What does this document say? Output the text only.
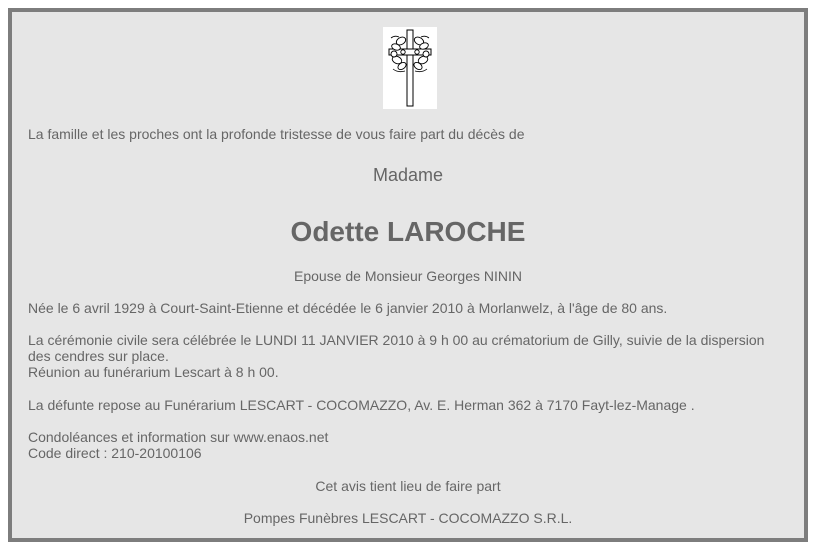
La famille et les proches ont la profonde tristesse de vous faire part du décès de

Madame

Odette LAROCHE

Epouse de Monsieur Georges NININ

Née le 6 avril 1929 à Court-Saint-Etienne et décédée le 6 janvier 2010 à Morlanwelz, à l'âge de 80 ans.

La cérémonie civile sera célébrée le LUNDI 11 JANVIER 2010 à 9 h 00 au crématorium de Gilly, suivie de la dispersion
des cendres sur place.
Réunion au funérarium Lescart à 8 h 00.

La défunte repose au Funérarium LESCART - COCOMAZZO, Av. E. Herman 362 à 7170 Fayt-lez-Manage .

Condoléances et information sur www.enaos.net
Code direct : 210-20100106

Cet avis tient lieu de faire part

Pompes Funèbres LESCART - COCOMAZZO S.R.L.
